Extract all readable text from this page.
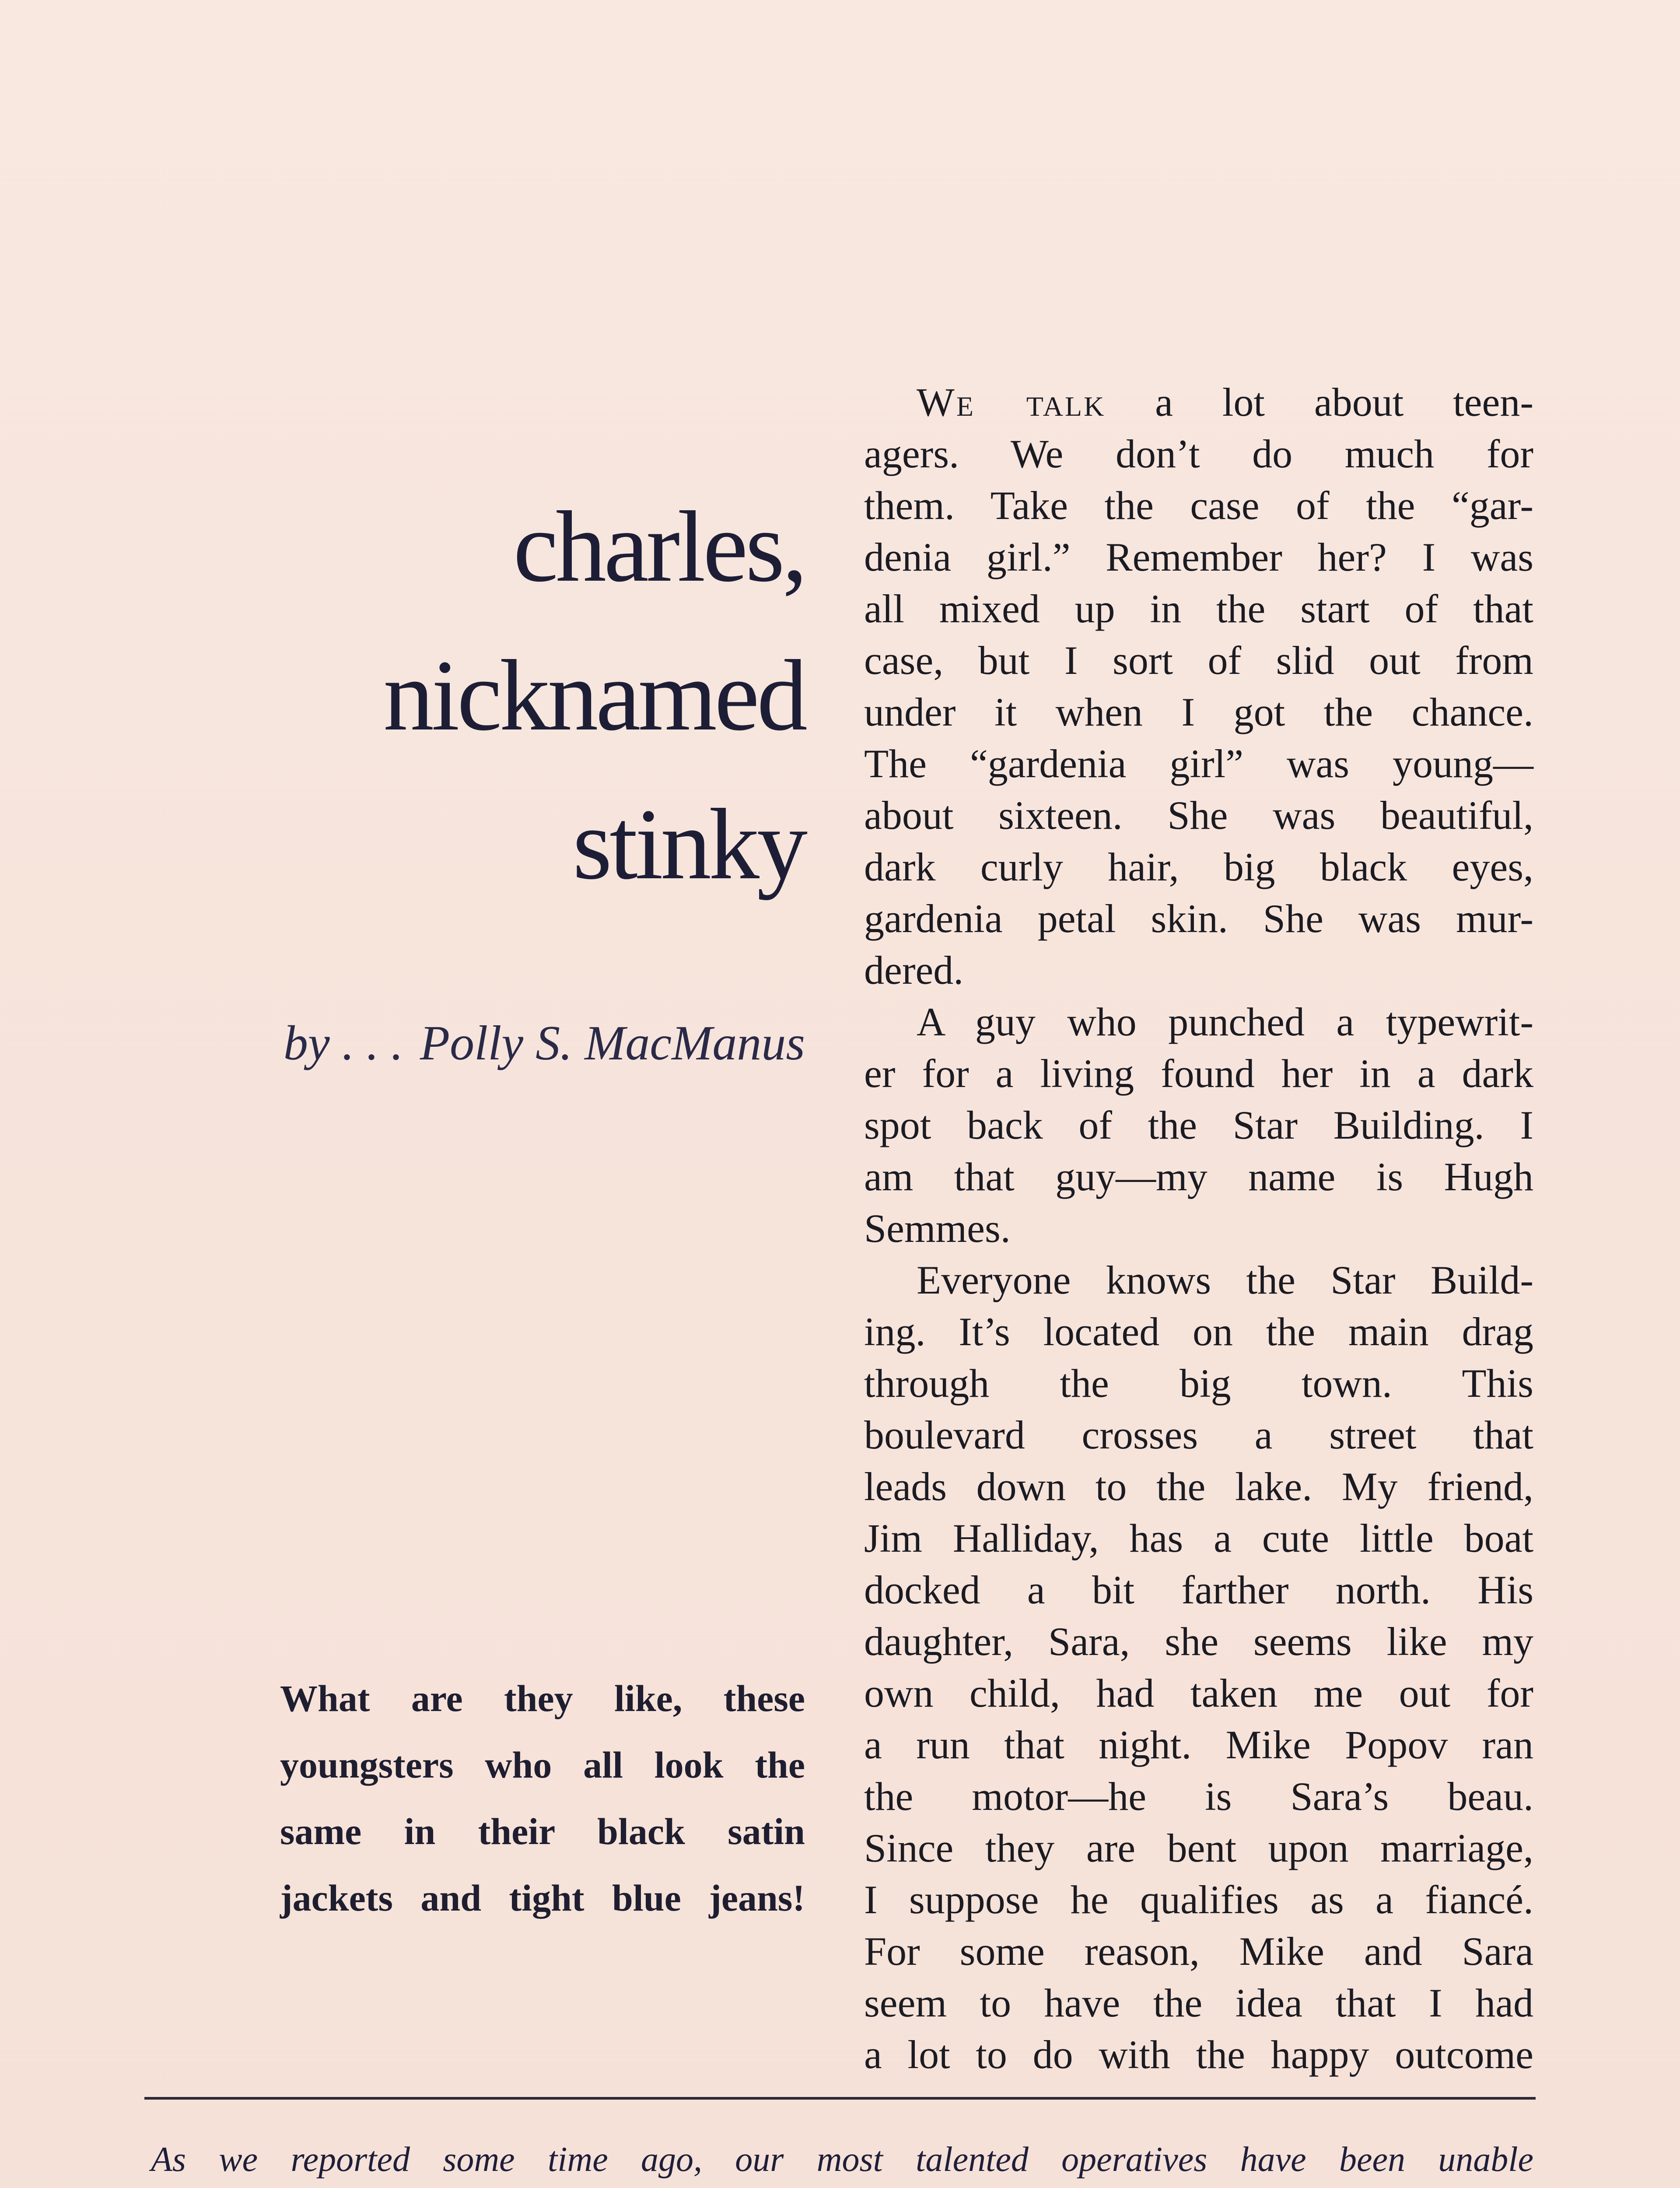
charles,
nicknamed
stinky
by . . . Polly S. MacManus
What are they like, these
youngsters who all look the
same in their black satin
jackets and tight blue jeans!
We talk a lot about teen-
agers. We don’t do much for
them. Take the case of the “gar-
denia girl.” Remember her? I was
all mixed up in the start of that
case, but I sort of slid out from
under it when I got the chance.
The “gardenia girl” was young—
about sixteen. She was beautiful,
dark curly hair, big black eyes,
gardenia petal skin. She was mur-
dered.
A guy who punched a typewrit-
er for a living found her in a dark
spot back of the Star Building. I
am that guy—my name is Hugh
Semmes.
Everyone knows the Star Build-
ing. It’s located on the main drag
through the big town. This
boulevard crosses a street that
leads down to the lake. My friend,
Jim Halliday, has a cute little boat
docked a bit farther north. His
daughter, Sara, she seems like my
own child, had taken me out for
a run that night. Mike Popov ran
the motor—he is Sara’s beau.
Since they are bent upon marriage,
I suppose he qualifies as a fiancé.
For some reason, Mike and Sara
seem to have the idea that I had
a lot to do with the happy outcome
As we reported some time ago, our most talented operatives have been unable
